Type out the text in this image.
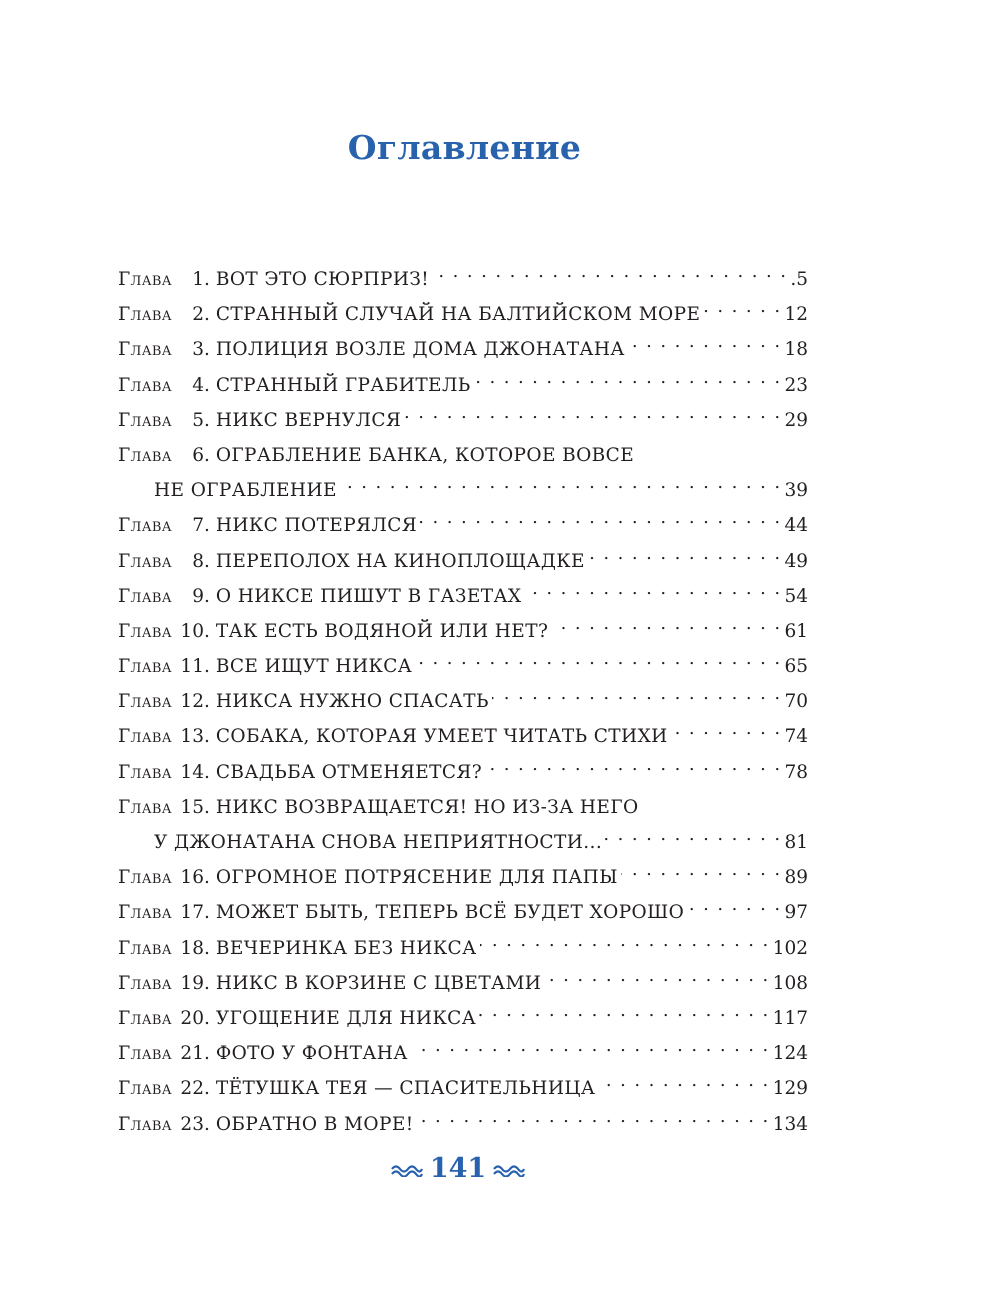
Оглавление
Глава	1. ВОТ ЭТО СЮРПРИЗ! . . .	.5
Глава	2. СТРАННЫЙ СЛУЧАЙ НА БАЛТИЙСКОМ МОРЕ . . .	12
Глава	3. ПОЛИЦИЯ ВОЗЛЕ ДОМА ДЖОНАТАНА . . .	18
Глава	4. СТРАННЫЙ ГРАБИТЕЛЬ . . .	23
Глава	5. НИКС ВЕРНУЛСЯ . . .	29
Глава	6. ОГРАБЛЕНИЕ БАНКА, КОТОРОЕ ВОВСЕ
НЕ ОГРАБЛЕНИЕ . . .	39
Глава	7. НИКС ПОТЕРЯЛСЯ . . .	44
Глава	8. ПЕРЕПОЛОХ НА КИНОПЛОЩАДКЕ . . .	49
Глава	9. О НИКСЕ ПИШУТ В ГАЗЕТАХ . . .	54
Глава 10. ТАК ЕСТЬ ВОДЯНОЙ ИЛИ НЕТ? . . .	61
Глава 11. ВСЕ ИЩУТ НИКСА . . .	65
Глава 12. НИКСА НУЖНО СПАСАТЬ . . .	70
Глава 13. СОБАКА, КОТОРАЯ УМЕЕТ ЧИТАТЬ СТИХИ . . .	74
Глава 14. СВАДЬБА ОТМЕНЯЕТСЯ? . . .	78
Глава 15. НИКС ВОЗВРАЩАЕТСЯ! НО ИЗ-ЗА НЕГО
У ДЖОНАТАНА СНОВА НЕПРИЯТНОСТИ... . . .	81
Глава 16. ОГРОМНОЕ ПОТРЯСЕНИЕ ДЛЯ ПАПЫ . . .	89
Глава 17. МОЖЕТ БЫТЬ, ТЕПЕРЬ ВСЁ БУДЕТ ХОРОШО . . .	97
Глава 18. ВЕЧЕРИНКА БЕЗ НИКСА . . .	102
Глава 19. НИКС В КОРЗИНЕ С ЦВЕТАМИ . . .	108
Глава 20. УГОЩЕНИЕ ДЛЯ НИКСА . . .	117
Глава 21. ФОТО У ФОНТАНА . . .	124
Глава 22. ТЁТУШКА ТЕЯ — СПАСИТЕЛЬНИЦА . . .	129
Глава 23. ОБРАТНО В МОРЕ! . . .	134
141
